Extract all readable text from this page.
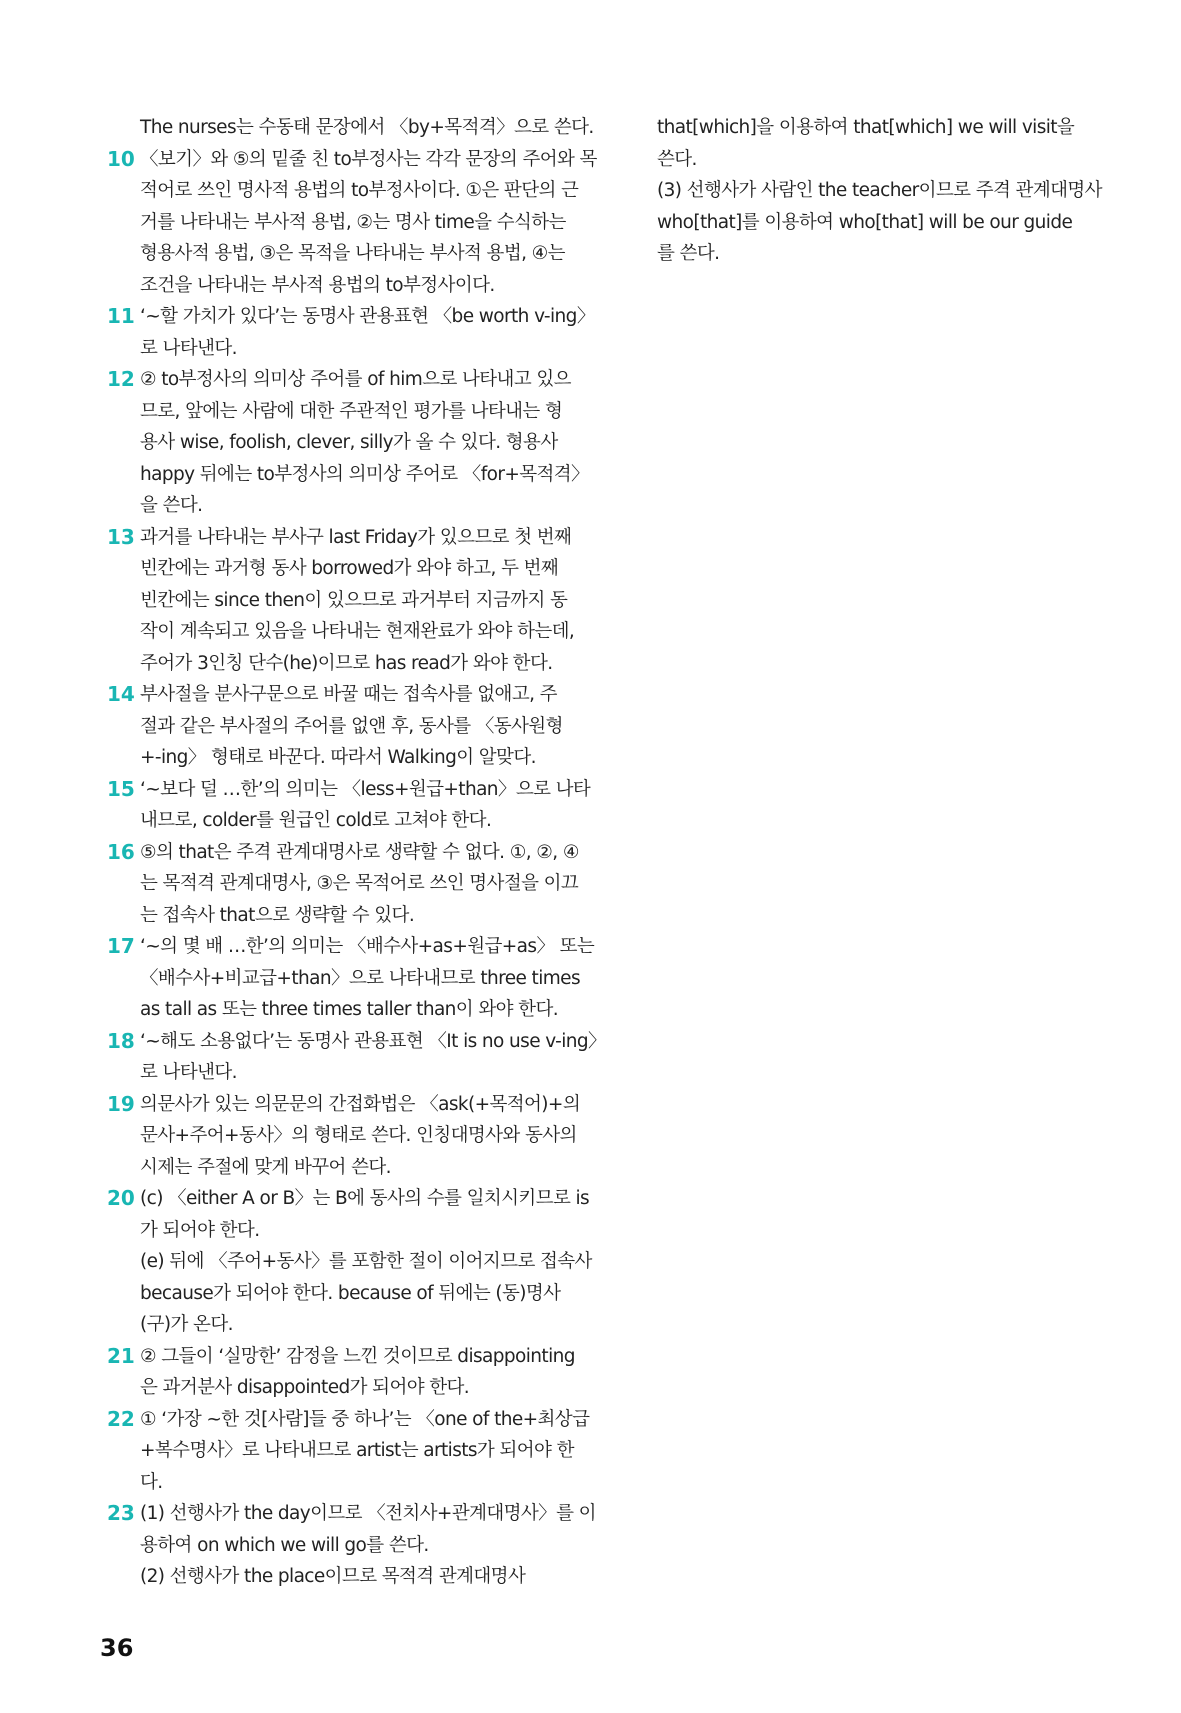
The nurses는 수동태 문장에서 〈by+목적격〉으로 쓴다.
10 〈보기〉와 ⑤의 밑줄 친 to부정사는 각각 문장의 주어와 목
적어로 쓰인 명사적 용법의 to부정사이다. ①은 판단의 근
거를 나타내는 부사적 용법, ②는 명사 time을 수식하는
형용사적 용법, ③은 목적을 나타내는 부사적 용법, ④는
조건을 나타내는 부사적 용법의 to부정사이다.
11 ‘~할 가치가 있다’는 동명사 관용표현 〈be worth v-ing〉
로 나타낸다.
12 ② to부정사의 의미상 주어를 of him으로 나타내고 있으
므로, 앞에는 사람에 대한 주관적인 평가를 나타내는 형
용사 wise, foolish, clever, silly가 올 수 있다. 형용사
happy 뒤에는 to부정사의 의미상 주어로 〈for+목적격〉
을 쓴다.
13 과거를 나타내는 부사구 last Friday가 있으므로 첫 번째
빈칸에는 과거형 동사 borrowed가 와야 하고, 두 번째
빈칸에는 since then이 있으므로 과거부터 지금까지 동
작이 계속되고 있음을 나타내는 현재완료가 와야 하는데,
주어가 3인칭 단수(he)이므로 has read가 와야 한다.
14 부사절을 분사구문으로 바꿀 때는 접속사를 없애고, 주
절과 같은 부사절의 주어를 없앤 후, 동사를 〈동사원형
+-ing〉 형태로 바꾼다. 따라서 Walking이 알맞다.
15 ‘~보다 덜 …한’의 의미는 〈less+원급+than〉으로 나타
내므로, colder를 원급인 cold로 고쳐야 한다.
16 ⑤의 that은 주격 관계대명사로 생략할 수 없다. ①, ②, ④
는 목적격 관계대명사, ③은 목적어로 쓰인 명사절을 이끄
는 접속사 that으로 생략할 수 있다.
17 ‘~의 몇 배 …한’의 의미는 〈배수사+as+원급+as〉 또는
〈배수사+비교급+than〉으로 나타내므로 three times
as tall as 또는 three times taller than이 와야 한다.
18 ‘~해도 소용없다’는 동명사 관용표현 〈It is no use v-ing〉
로 나타낸다.
19 의문사가 있는 의문문의 간접화법은 〈ask(+목적어)+의
문사+주어+동사〉의 형태로 쓴다. 인칭대명사와 동사의
시제는 주절에 맞게 바꾸어 쓴다.
20 (c) 〈either A or B〉는 B에 동사의 수를 일치시키므로 is
가 되어야 한다.
(e) 뒤에 〈주어+동사〉를 포함한 절이 이어지므로 접속사
because가 되어야 한다. because of 뒤에는 (동)명사
(구)가 온다.
21 ② 그들이 ‘실망한’ 감정을 느낀 것이므로 disappointing
은 과거분사 disappointed가 되어야 한다.
22 ① ‘가장 ~한 것[사람]들 중 하나’는 〈one of the+최상급
+복수명사〉로 나타내므로 artist는 artists가 되어야 한
다.
23 (1) 선행사가 the day이므로 〈전치사+관계대명사〉를 이
용하여 on which we will go를 쓴다.
(2) 선행사가 the place이므로 목적격 관계대명사
that[which]을 이용하여 that[which] we will visit을
쓴다.
(3) 선행사가 사람인 the teacher이므로 주격 관계대명사
who[that]를 이용하여 who[that] will be our guide
를 쓴다.
36
